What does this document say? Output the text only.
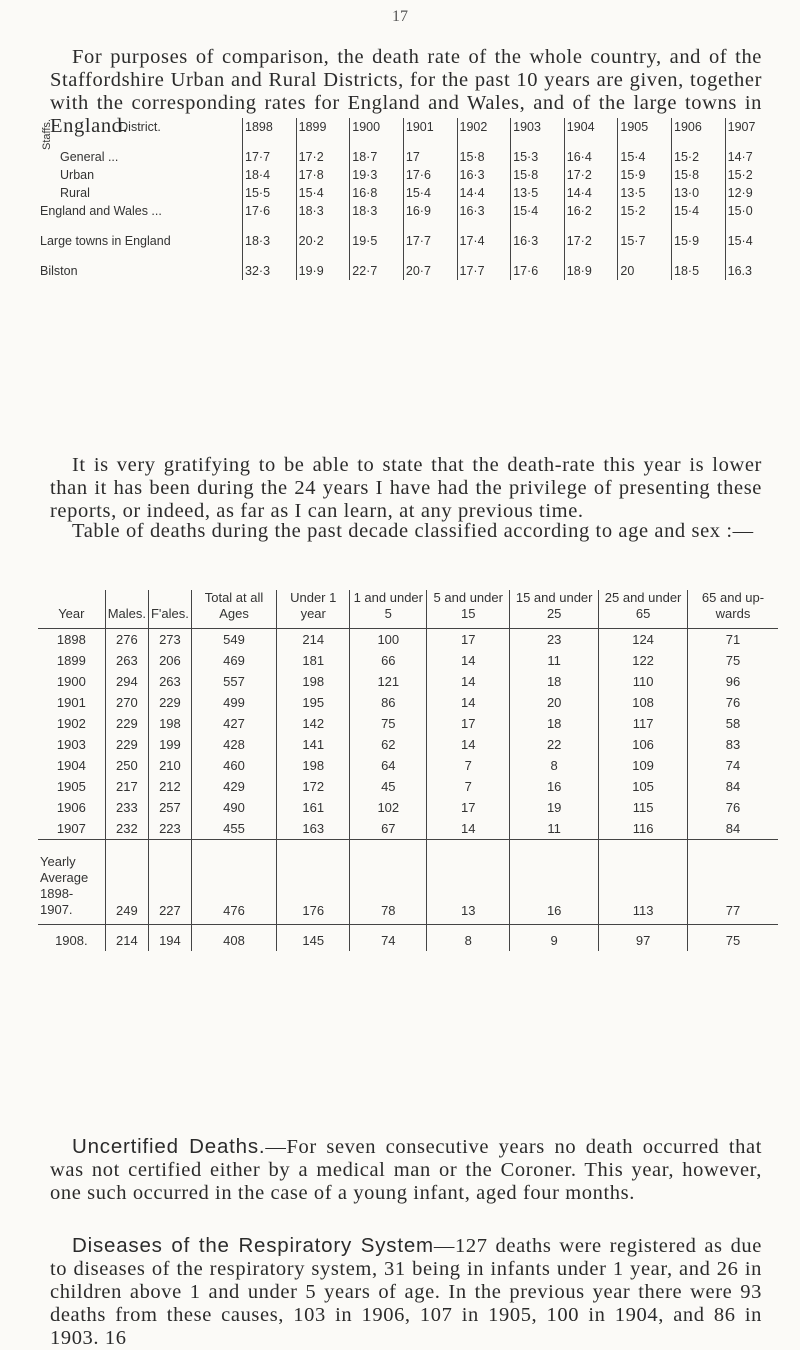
17

For purposes of comparison, the death rate of the whole country, and of the Staffordshire Urban and Rural Districts, for the past 10 years are given, together with the corresponding rates for England and Wales, and of the large towns in England.

District.	1898	1899	1900	1901	1902	1903	1904	1905	1906	1907
Staffs.General ...	17·7	17·2	18·7	17	15·8	15·3	16·4	15·4	15·2	14·7
Urban	18·4	17·8	19·3	17·6	16·3	15·8	17·2	15·9	15·8	15·2
Rural	15·5	15·4	16·8	15·4	14·4	13·5	14·4	13·5	13·0	12·9
England and Wales ...	17·6	18·3	18·3	16·9	16·3	15·4	16·2	15·2	15·4	15·0
Large towns in England	18·3	20·2	19·5	17·7	17·4	16·3	17·2	15·7	15·9	15·4
Bilston	32·3	19·9	22·7	20·7	17·7	17·6	18·9	20	18·5	16.3

It is very gratifying to be able to state that the death-rate this year is lower than it has been during the 24 years I have had the privilege of presenting these reports, or indeed, as far as I can learn, at any previous time.

Table of deaths during the past decade classified according to age and sex :—

Year	Males.	F'ales.	Total at all Ages	Under 1 year	1 and under 5	5 and under 15	15 and under 25	25 and under 65	65 and up-wards
1898	276	273	549	214	100	17	23	124	71
1899	263	206	469	181	66	14	11	122	75
1900	294	263	557	198	121	14	18	110	96
1901	270	229	499	195	86	14	20	108	76
1902	229	198	427	142	75	17	18	117	58
1903	229	199	428	141	62	14	22	106	83
1904	250	210	460	198	64	7	8	109	74
1905	217	212	429	172	45	7	16	105	84
1906	233	257	490	161	102	17	19	115	76
1907	232	223	455	163	67	14	11	116	84

Yearly
Average
1898-1907.	249	227	476	176	78	13	16	113	77
1908.	214	194	408	145	74	8	9	97	75

Uncertified Deaths.—For seven consecutive years no death occurred that was not certified either by a medical man or the Coroner. This year, however, one such occurred in the case of a young infant, aged four months.

Diseases of the Respiratory System—127 deaths were registered as due to diseases of the respiratory system, 31 being in infants under 1 year, and 26 in children above 1 and under 5 years of age. In the previous year there were 93 deaths from these causes, 103 in 1906, 107 in 1905, 100 in 1904, and 86 in 1903. 16
